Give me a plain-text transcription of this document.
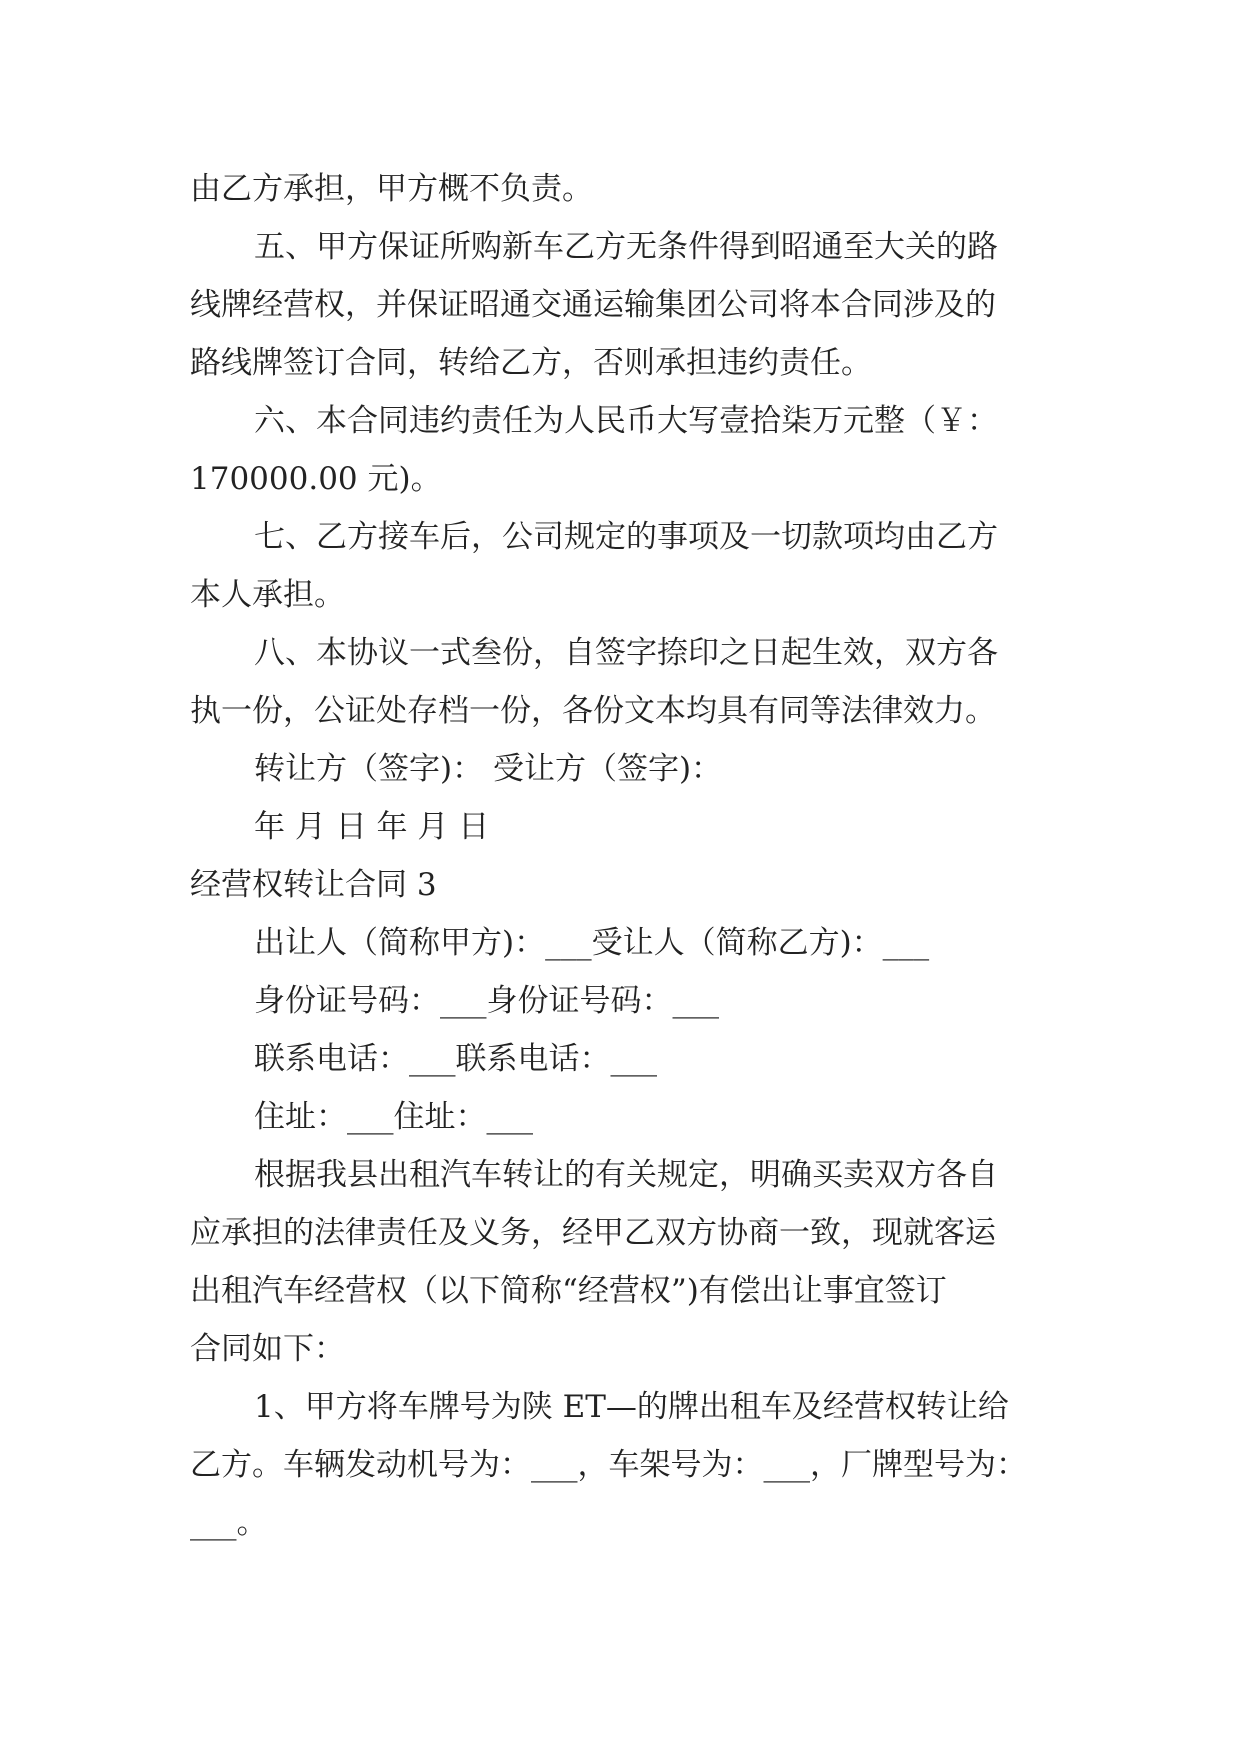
由乙方承担，甲方概不负责。

五、甲方保证所购新车乙方无条件得到昭通至大关的路

线牌经营权，并保证昭通交通运输集团公司将本合同涉及的

路线牌签订合同，转给乙方，否则承担违约责任。

六、本合同违约责任为人民币大写壹拾柒万元整（￥：

170000.00 元)。

七、乙方接车后，公司规定的事项及一切款项均由乙方

本人承担。

八、本协议一式叁份，自签字捺印之日起生效，双方各

执一份，公证处存档一份，各份文本均具有同等法律效力。

转让方（签字)： 受让方（签字)：

年 月 日 年 月 日

经营权转让合同 3

出让人（简称甲方)：___受让人（简称乙方)：___

身份证号码：___身份证号码：___

联系电话：___联系电话：___

住址：___住址：___

根据我县出租汽车转让的有关规定，明确买卖双方各自

应承担的法律责任及义务，经甲乙双方协商一致，现就客运

出租汽车经营权（以下简称“经营权”)有偿出让事宜签订

合同如下：

1、甲方将车牌号为陕 ET—的牌出租车及经营权转让给

乙方。车辆发动机号为：___，车架号为：___，厂牌型号为：

___。
